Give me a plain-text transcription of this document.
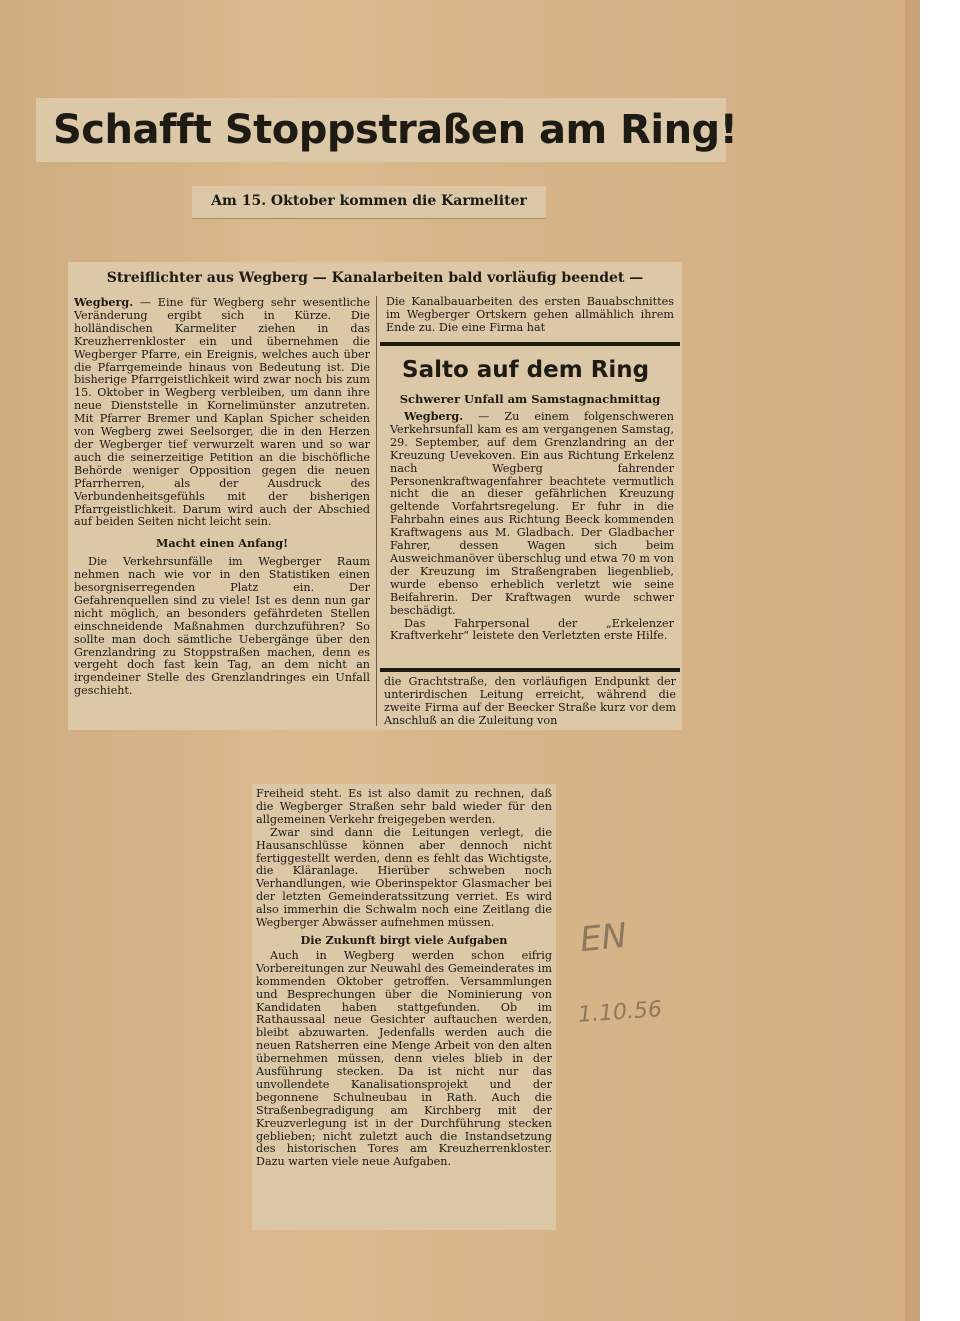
Schafft Stoppstraßen am Ring!
Am 15. Oktober kommen die Karmeliter
Streiflichter aus Wegberg — Kanalarbeiten bald vorläufig beendet —

Wegberg. — Eine für Wegberg sehr wesentliche Veränderung ergibt sich in Kürze. Die holländischen Karmeliter ziehen in das Kreuzherrenkloster ein und übernehmen die Wegberger Pfarre, ein Ereignis, welches auch über die Pfarrgemeinde hinaus von Bedeutung ist. Die bisherige Pfarrgeistlichkeit wird zwar noch bis zum 15. Oktober in Wegberg verbleiben, um dann ihre neue Dienststelle in Kornelimünster anzutreten. Mit Pfarrer Bremer und Kaplan Spicher scheiden von Wegberg zwei Seelsorger, die in den Herzen der Wegberger tief verwurzelt waren und so war auch die seinerzeitige Petition an die bischöfliche Behörde weniger Opposition gegen die neuen Pfarrherren, als der Ausdruck des Verbundenheitsgefühls mit der bisherigen Pfarrgeistlichkeit. Darum wird auch der Abschied auf beiden Seiten nicht leicht sein.

Macht einen Anfang!

Die Verkehrsunfälle im Wegberger Raum nehmen nach wie vor in den Statistiken einen besorgniserregenden Platz ein. Der Gefahrenquellen sind zu viele! Ist es denn nun gar nicht möglich, an besonders gefährdeten Stellen einschneidende Maßnahmen durchzuführen? So sollte man doch sämtliche Uebergänge über den Grenzlandring zu Stoppstraßen machen, denn es vergeht doch fast kein Tag, an dem nicht an irgendeiner Stelle des Grenzlandringes ein Unfall geschieht.

Die Kanalbauarbeiten des ersten Bauabschnittes im Wegberger Ortskern gehen allmählich ihrem Ende zu. Die eine Firma hat

Salto auf dem Ring
Schwerer Unfall am Samstagnachmittag

Wegberg. — Zu einem folgenschweren Verkehrsunfall kam es am vergangenen Samstag, 29. September, auf dem Grenzlandring an der Kreuzung Uevekoven. Ein aus Richtung Erkelenz nach Wegberg fahrender Personenkraftwagenfahrer beachtete vermutlich nicht die an dieser gefährlichen Kreuzung geltende Vorfahrtsregelung. Er fuhr in die Fahrbahn eines aus Richtung Beeck kommenden Kraftwagens aus M. Gladbach. Der Gladbacher Fahrer, dessen Wagen sich beim Ausweichmanöver überschlug und etwa 70 m von der Kreuzung im Straßengraben liegenblieb, wurde ebenso erheblich verletzt wie seine Beifahrerin. Der Kraftwagen wurde schwer beschädigt.

Das Fahrpersonal der „Erkelenzer Kraftverkehr“ leistete den Verletzten erste Hilfe.

die Grachtstraße, den vorläufigen Endpunkt der unterirdischen Leitung erreicht, während die zweite Firma auf der Beecker Straße kurz vor dem Anschluß an die Zuleitung von

Freiheid steht. Es ist also damit zu rechnen, daß die Wegberger Straßen sehr bald wieder für den allgemeinen Verkehr freigegeben werden.

Zwar sind dann die Leitungen verlegt, die Hausanschlüsse können aber dennoch nicht fertiggestellt werden, denn es fehlt das Wichtigste, die Kläranlage. Hierüber schweben noch Verhandlungen, wie Oberinspektor Glasmacher bei der letzten Gemeinderatssitzung verriet. Es wird also immerhin die Schwalm noch eine Zeitlang die Wegberger Abwässer aufnehmen müssen.

Die Zukunft birgt viele Aufgaben

Auch in Wegberg werden schon eifrig Vorbereitungen zur Neuwahl des Gemeinderates im kommenden Oktober getroffen. Versammlungen und Besprechungen über die Nominierung von Kandidaten haben stattgefunden. Ob im Rathaussaal neue Gesichter auftauchen werden, bleibt abzuwarten. Jedenfalls werden auch die neuen Ratsherren eine Menge Arbeit von den alten übernehmen müssen, denn vieles blieb in der Ausführung stecken. Da ist nicht nur das unvollendete Kanalisationsprojekt und der begonnene Schulneubau in Rath. Auch die Straßenbegradigung am Kirchberg mit der Kreuzverlegung ist in der Durchführung stecken geblieben; nicht zuletzt auch die Instandsetzung des historischen Tores am Kreuzherrenkloster. Dazu warten viele neue Aufgaben.

EN
1.10.56
